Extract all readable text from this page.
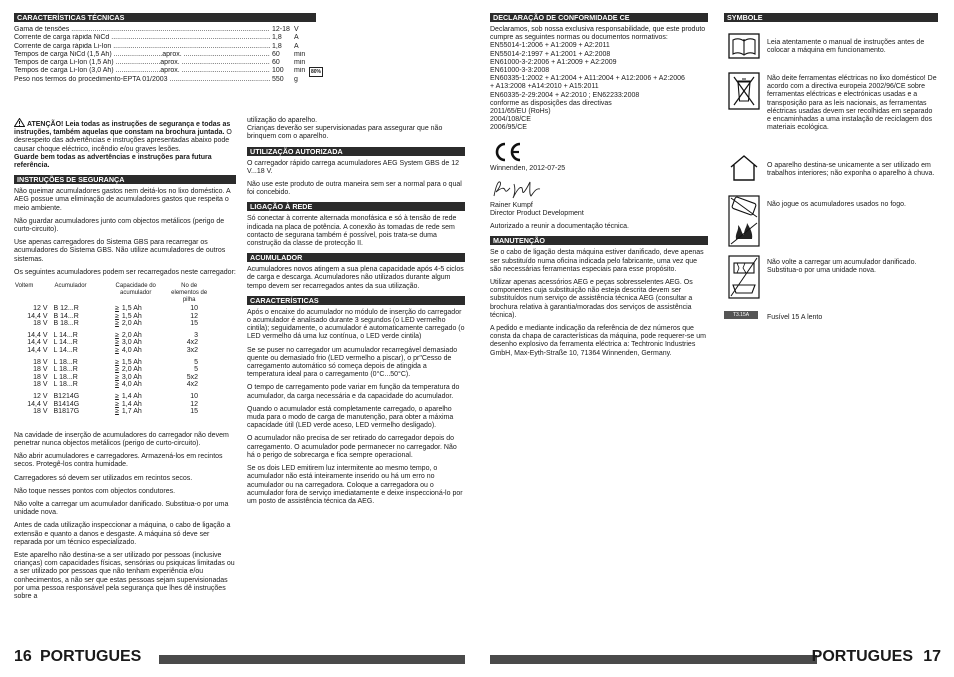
CARACTERÍSTICAS TÉCNICAS
Gama de tensões .....	12-18 V
Corrente de carga rápida NiCd .....	1,8	A
Corrente de carga rápida Li-Ion .....	1,8	A
Tempos de carga NiCd (1,5 Ah) .........................aprox. .....	60	min
Tempos de carga Li-Ion (1,5 Ah) .......................aprox. .....	60	min
Tempos de carga Li-Ion (3,0 Ah) .......................aprox. .....	100	min
Peso nos termos do procedimento-EPTA 01/2003 .....	550	g
80%

ATENÇÃO! Leia todas as instruções de segurança e todas as instruções, também aquelas que constam na brochura juntada. O desrespeito das advertências e instruções apresentadas abaixo pode causar choque eléctrico, incêndio e/ou graves lesões.

Guarde bem todas as advertências e instruções para futura referência.

INSTRUÇÕES DE SEGURANÇA

Não queimar acumuladores gastos nem deitá-los no lixo doméstico. A AEG possue uma eliminação de acumuladores gastos que respeita o meio ambiente.

Não guardar acumuladores junto com objectos metálicos (perigo de curto-circuito).

Use apenas carregadores do Sistema GBS para recarregar os acumuladores do Sistema GBS. Não utilize acumuladores de outros sistemas.

Os seguintes acumuladores podem ser recarregados neste carregador:

Voltem	Acumulador	Capacidade do acumulador	No de elementos de pilha
12 V	B 12...R	≥ 1,5 Ah	10
14,4 V	B 14...R	≥ 1,5 Ah	12
18 V	B 18...R	≥ 2,0 Ah	15

14,4 V	L 14...R	≥ 2,0 Ah	3
14,4 V	L 14...R	≥ 3,0 Ah	4x2
14,4 V	L 14...R	≥ 4,0 Ah	3x2

18 V	L 18...R	≥ 1,5 Ah	5
18 V	L 18...R	≥ 2,0 Ah	5
18 V	L 18...R	≥ 3,0 Ah	5x2
18 V	L 18...R	≥ 4,0 Ah	4x2

12 V	B1214G	≥ 1,4 Ah	10
14,4 V	B1414G	≥ 1,4 Ah	12
18 V	B1817G	≥ 1,7 Ah	15

Na cavidade de inserção de acumuladores do carregador não devem penetrar nunca objectos metálicos (perigo de curto-circuito).

Não abrir acumuladores e carregadores. Armazená-los em recintos secos. Protegê-los contra humidade.

Carregadores só devem ser utilizados em recintos secos.

Não toque nesses pontos com objectos condutores.

Não volte a carregar um acumulador danificado. Substitua-o por uma unidade nova.

Antes de cada utilização inspeccionar a máquina, o cabo de ligação a extensão e quanto a danos e desgaste. A máquina só deve ser reparada por um técnico especializado.

Este aparelho não destina-se a ser utilizado por pessoas (inclusive crianças) com capacidades físicas, sensórias ou psiquicas limitadas ou a ser utilizado por pessoas que não tenham experiência e/ou conhecimentos, a não ser que estas pessoas sejam supervisionadas por uma pessoa responsável pela segurança que lhes dê instruções sobre a

utilização do aparelho.
Crianças deverão ser supervisionadas para assegurar que não brinquem com o aparelho.

UTILIZAÇÃO AUTORIZADA

O carregador rápido carrega acumuladores AEG System GBS de 12 V...18 V.

Não use este produto de outra maneira sem ser a normal para o qual foi concebido.

LIGAÇÃO À REDE

Só conectar à corrente alternada monofásica e só à tensão de rede indicada na placa de potência. A conexão às tomadas de rede sem contacto de segurana também é possível, pois trata-se duma construção da classe de protecção II.

ACUMULADOR

Acumuladores novos atingem a sua plena capacidade após 4-5 ciclos de carga e descarga. Acumuladores não utilizados durante algum tempo devem ser recarregados antes da sua utilização.

CARACTERÍSTICAS

Após o encaixe do acumulador no módulo de inserção do carregador o acumulador é analisado durante 3 segundos (o LED vermelho cintila); seguidamente, o acumulador é automaticamente carregado (o LED vermelho dá uma luz contínua, o LED verde cintila)

Se se puser no carregador um acumulador recarregável demasiado quente ou demasiado frio (LED vermelho a piscar), o pr"Cesso de carregamento automático só começa depois de atingida a temperatura ideal para o carregamento (0°C...50°C).

O tempo de carregamento pode variar em função da temperatura do acumulador, da carga necessária e da capacidade do acumulador.

Quando o acumulador está completamente carregado, o aparelho muda para o modo de carga de manutenção, para obter a máxima capacidade útil (LED verde aceso, LED vermelho desligado).

O acumulador não precisa de ser retirado do carregador depois do carregamento. O acumulador pode permanecer no carregador. Não há o perigo de sobrecarga e fica sempre operacional.

Se os dois LED emitirem luz intermitente ao mesmo tempo, o acumulador não está inteiramente inserido ou há um erro no acumulador ou na carregadora. Coloque a carregadora ou o acumulador fora de serviço imediatamente e deixe inspeccioná-lo por um posto de assistência técnica da AEG.

DECLARAÇÃO DE CONFORMIDADE CE

Declaramos, sob nossa exclusiva responsabilidade, que este produto cumpre as seguintes normas ou documentos normativos:

EN55014-1:2006 + A1:2009 + A2:2011
EN55014-2:1997 + A1:2001 + A2:2008
EN61000-3-2:2006 + A1:2009 + A2:2009
EN61000-3-3:2008
EN60335-1:2002 + A1:2004 + A11:2004 + A12:2006 + A2:2006
+ A13:2008 +A14:2010 + A15:2011
EN60335-2-29:2004 + A2:2010 ; EN62233:2008
conforme as disposições das directivas
2011/65/EU (RoHs)
2004/108/CE
2006/95/CE

Winnenden, 2012-07-25

Rainer Kumpf
Director Product Development

Autorizado a reunir a documentação técnica.

MANUTENÇÃO

Se o cabo de ligação desta máquina estiver danificado, deve apenas ser substituído numa oficina indicada pelo fabricante, uma vez que são necessárias ferramentas especiais para esse propósito.

Utilizar apenas acessórios AEG e peças sobresselentes AEG. Os componentes cuja substituição não esteja descrita devem ser substituídos num serviço de assistência técnica AEG (consultar a brochura relativa à garantia/moradas dos serviços de assistência técnica).

A pedido e mediante indicação da referência de dez números que consta da chapa de características da máquina, pode requerer-se um desenho explosivo da ferramenta eléctrica a: Techtronic Industries GmbH, Max-Eyth-Straße 10, 71364 Winnenden, Germany.

SYMBOLE
Leia atentamente o manual de instruções antes de colocar a máquina em funcionamento.
Não deite ferramentas eléctricas no lixo doméstico! De acordo com a directiva europeia 2002/96/CE sobre ferramentas eléctricas e electrónicas usadas e a transposição para as leis nacionais, as ferramentas eléctricas usadas devem ser recolhidas em separado e encaminhadas a uma instalação de reciclagem dos materiais ecológica.
O aparelho destina-se unicamente a ser utilizado em trabalhos interiores; não exponha o aparelho à chuva.
Não jogue os acumuladores usados no fogo.
Não volte a carregar um acumulador danificado. Substitua-o por uma unidade nova.
T3.15A	Fusível 15 A lento
16 PORTUGUES	PORTUGUES 17
